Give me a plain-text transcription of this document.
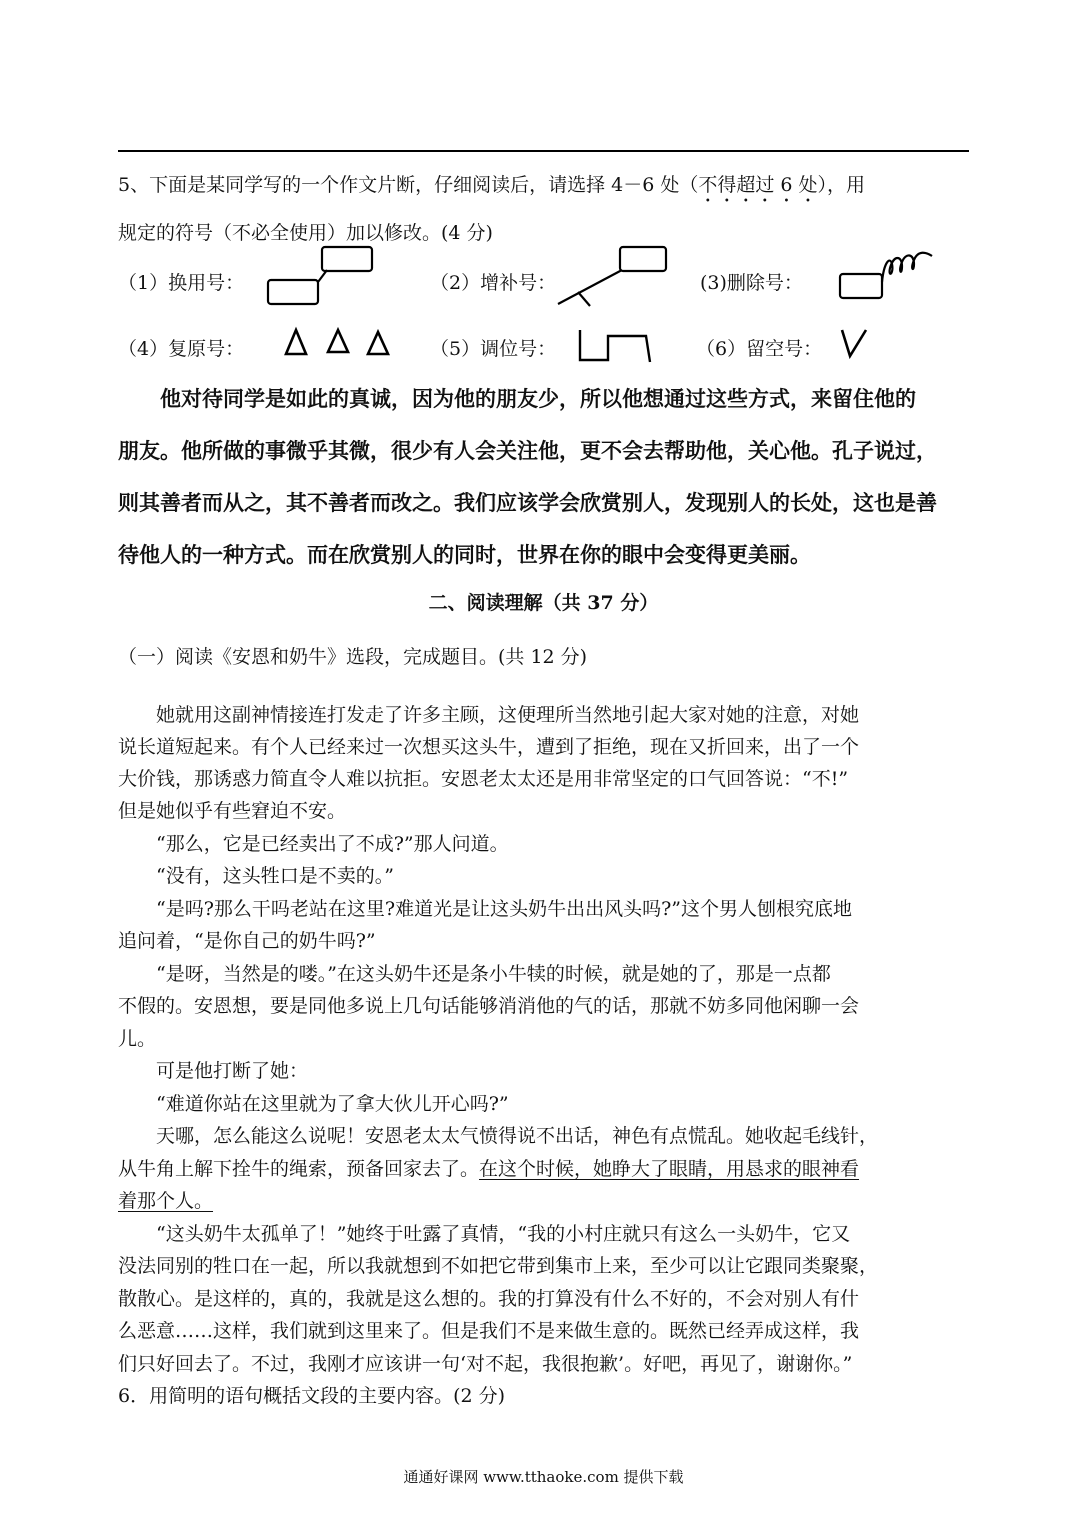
5、下面是某同学写的一个作文片断，仔细阅读后，请选择 4－6 处（不得超过 6 处），用
规定的符号（不必全使用）加以修改。(4 分)
（1）换用号：	（2）增补号：	(3)删除号：
（4）复原号：	（5）调位号：	（6）留空号：
　　他对待同学是如此的真诚，因为他的朋友少，所以他想通过这些方式，来留住他的
朋友。他所做的事微乎其微，很少有人会关注他，更不会去帮助他，关心他。孔子说过，
则其善者而从之，其不善者而改之。我们应该学会欣赏别人，发现别人的长处，这也是善
待他人的一种方式。而在欣赏别人的同时，世界在你的眼中会变得更美丽。
二、阅读理解（共 37 分）
（一）阅读《安恩和奶牛》选段，完成题目。(共 12 分)
　　她就用这副神情接连打发走了许多主顾，这便理所当然地引起大家对她的注意，对她
说长道短起来。有个人已经来过一次想买这头牛，遭到了拒绝，现在又折回来，出了一个
大价钱，那诱惑力简直令人难以抗拒。安恩老太太还是用非常坚定的口气回答说：“不!”
但是她似乎有些窘迫不安。
　　“那么，它是已经卖出了不成?”那人问道。
　　“没有，这头牲口是不卖的。”
　　“是吗?那么干吗老站在这里?难道光是让这头奶牛出出风头吗?”这个男人刨根究底地
追问着，“是你自己的奶牛吗?”
　　“是呀，当然是的喽。”在这头奶牛还是条小牛犊的时候，就是她的了，那是一点都
不假的。安恩想，要是同他多说上几句话能够消消他的气的话，那就不妨多同他闲聊一会
儿。
　　可是他打断了她：
　　“难道你站在这里就为了拿大伙儿开心吗?”
　　天哪，怎么能这么说呢！安恩老太太气愤得说不出话，神色有点慌乱。她收起毛线针，
从牛角上解下拴牛的绳索，预备回家去了。在这个时候，她睁大了眼睛，用恳求的眼神看
着那个人。
　　“这头奶牛太孤单了！”她终于吐露了真情，“我的小村庄就只有这么一头奶牛，它又
没法同别的牲口在一起，所以我就想到不如把它带到集市上来，至少可以让它跟同类聚聚，
散散心。是这样的，真的，我就是这么想的。我的打算没有什么不好的，不会对别人有什
么恶意……这样，我们就到这里来了。但是我们不是来做生意的。既然已经弄成这样，我
们只好回去了。不过，我刚才应该讲一句‘对不起，我很抱歉’。好吧，再见了，谢谢你。”
6．用简明的语句概括文段的主要内容。(2 分)
通通好课网 www.tthaoke.com 提供下载
